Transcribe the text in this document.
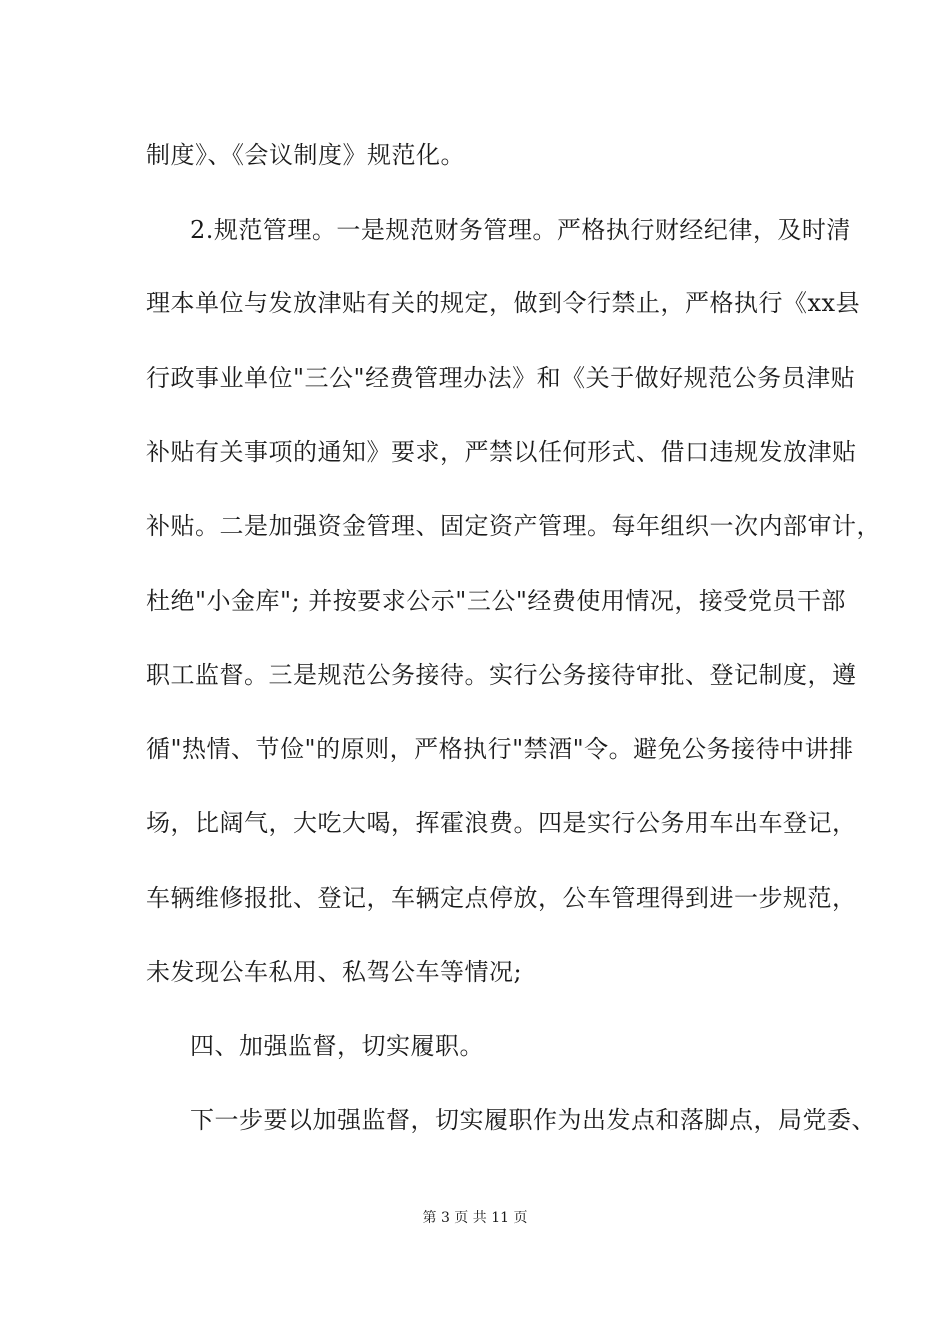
制度》、《会议制度》规范化。
2.规范管理。一是规范财务管理。严格执行财经纪律，及时清
理本单位与发放津贴有关的规定，做到令行禁止，严格执行《xx县
行政事业单位"三公"经费管理办法》和《关于做好规范公务员津贴
补贴有关事项的通知》要求，严禁以任何形式、借口违规发放津贴
补贴。二是加强资金管理、固定资产管理。每年组织一次内部审计，
杜绝"小金库"; 并按要求公示"三公"经费使用情况，接受党员干部
职工监督。三是规范公务接待。实行公务接待审批、登记制度，遵
循"热情、节俭"的原则，严格执行"禁酒"令。避免公务接待中讲排
场，比阔气，大吃大喝，挥霍浪费。四是实行公务用车出车登记，
车辆维修报批、登记，车辆定点停放，公车管理得到进一步规范，
未发现公车私用、私驾公车等情况;
四、加强监督，切实履职。
下一步要以加强监督，切实履职作为出发点和落脚点，局党委、
第 3 页 共 11 页
